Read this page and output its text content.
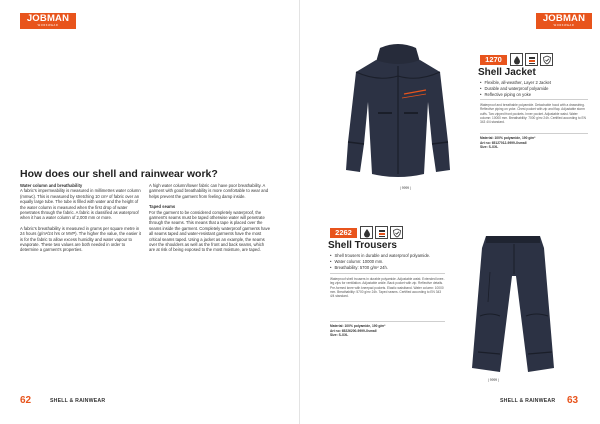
JOBMAN
WORKWEAR
How does our shell and rainwear work?

Water column and breathability
A fabric's impermeability is measured in millimetres water column (mmwc). This is measured by stretching 10 cm² of fabric over an equally large tube. The tube is filled with water and the height of the water column is measured when the first drop of water penetrates through the fabric. A fabric is classified as waterproof when it has a water column of 2,000 mm or more.

A fabric's breathability is measured in grams per square metre in 24 hours (g/m²/24 hrs or MVP). The higher the value, the easier it is for the fabric to allow excess humidity and water vapour to evaporate. These two values are both needed in order to determine a garment's properties.

A high water column/lower fabric can have poor breathability. A garment with good breathability is more comfortable to wear and helps prevent the garment from feeling damp inside.

Taped seams
For the garment to be considered completely waterproof, the garment's seams must be taped otherwise water will penetrate through the seams. This means that a tape is placed over the seams inside the garment. Completely waterproof garments have all seams taped and water-resistant garments have the most critical seams taped. Using a jacket as an example, the seams over the shoulders as well as the front and back seams, which are at risk of being exposed to the most moisture, are taped.

62	SHELL & RAINWEAR
JOBMAN
WORKWEAR
| 9999 |
1270
Shell Jacket
• Flexible, all-weather, Layer 2 Jacket
• Durable and waterproof polyamide
• Reflective piping on yoke
Waterproof and breathable polyamide. Detachable hood with a drawstring. Reflective piping on yoke. Chest pocket with zip and flap. Adjustable storm cuffs. Two zipped front pockets. Inner pocket. Adjustable waist. Water column: 10000 mm. Breathability: 7000 g/m² 24h. Certified according to EN 343 4/4 standard.
Material: 100% polyamide, 190 g/m²
Art no: 65127012-9999-Xsmall
Size: S-XXL
2262
Shell Trousers
• Shell trousers in durable and waterproof polyamide.
• Water column: 10000 mm.
• Breathability: 5700 g/m² 24h.
Waterproof shell trousers in durable polyamide. Adjustable waist. Extended knee-leg zips for ventilation. Adjustable ankle. Back pocket with zip. Reflective details. Pre-formed knee with kneepad pockets. Elastic waistband. Water column: 10000 mm. Breathability: 5700 g/m² 24h. Taped seams. Certified according to EN 343 4/4 standard.
Material: 100% polyamide, 190 g/m²
Art no: 65226200-9999-Xsmall
Size: S-XXL
| 9999 |
SHELL & RAINWEAR 63
